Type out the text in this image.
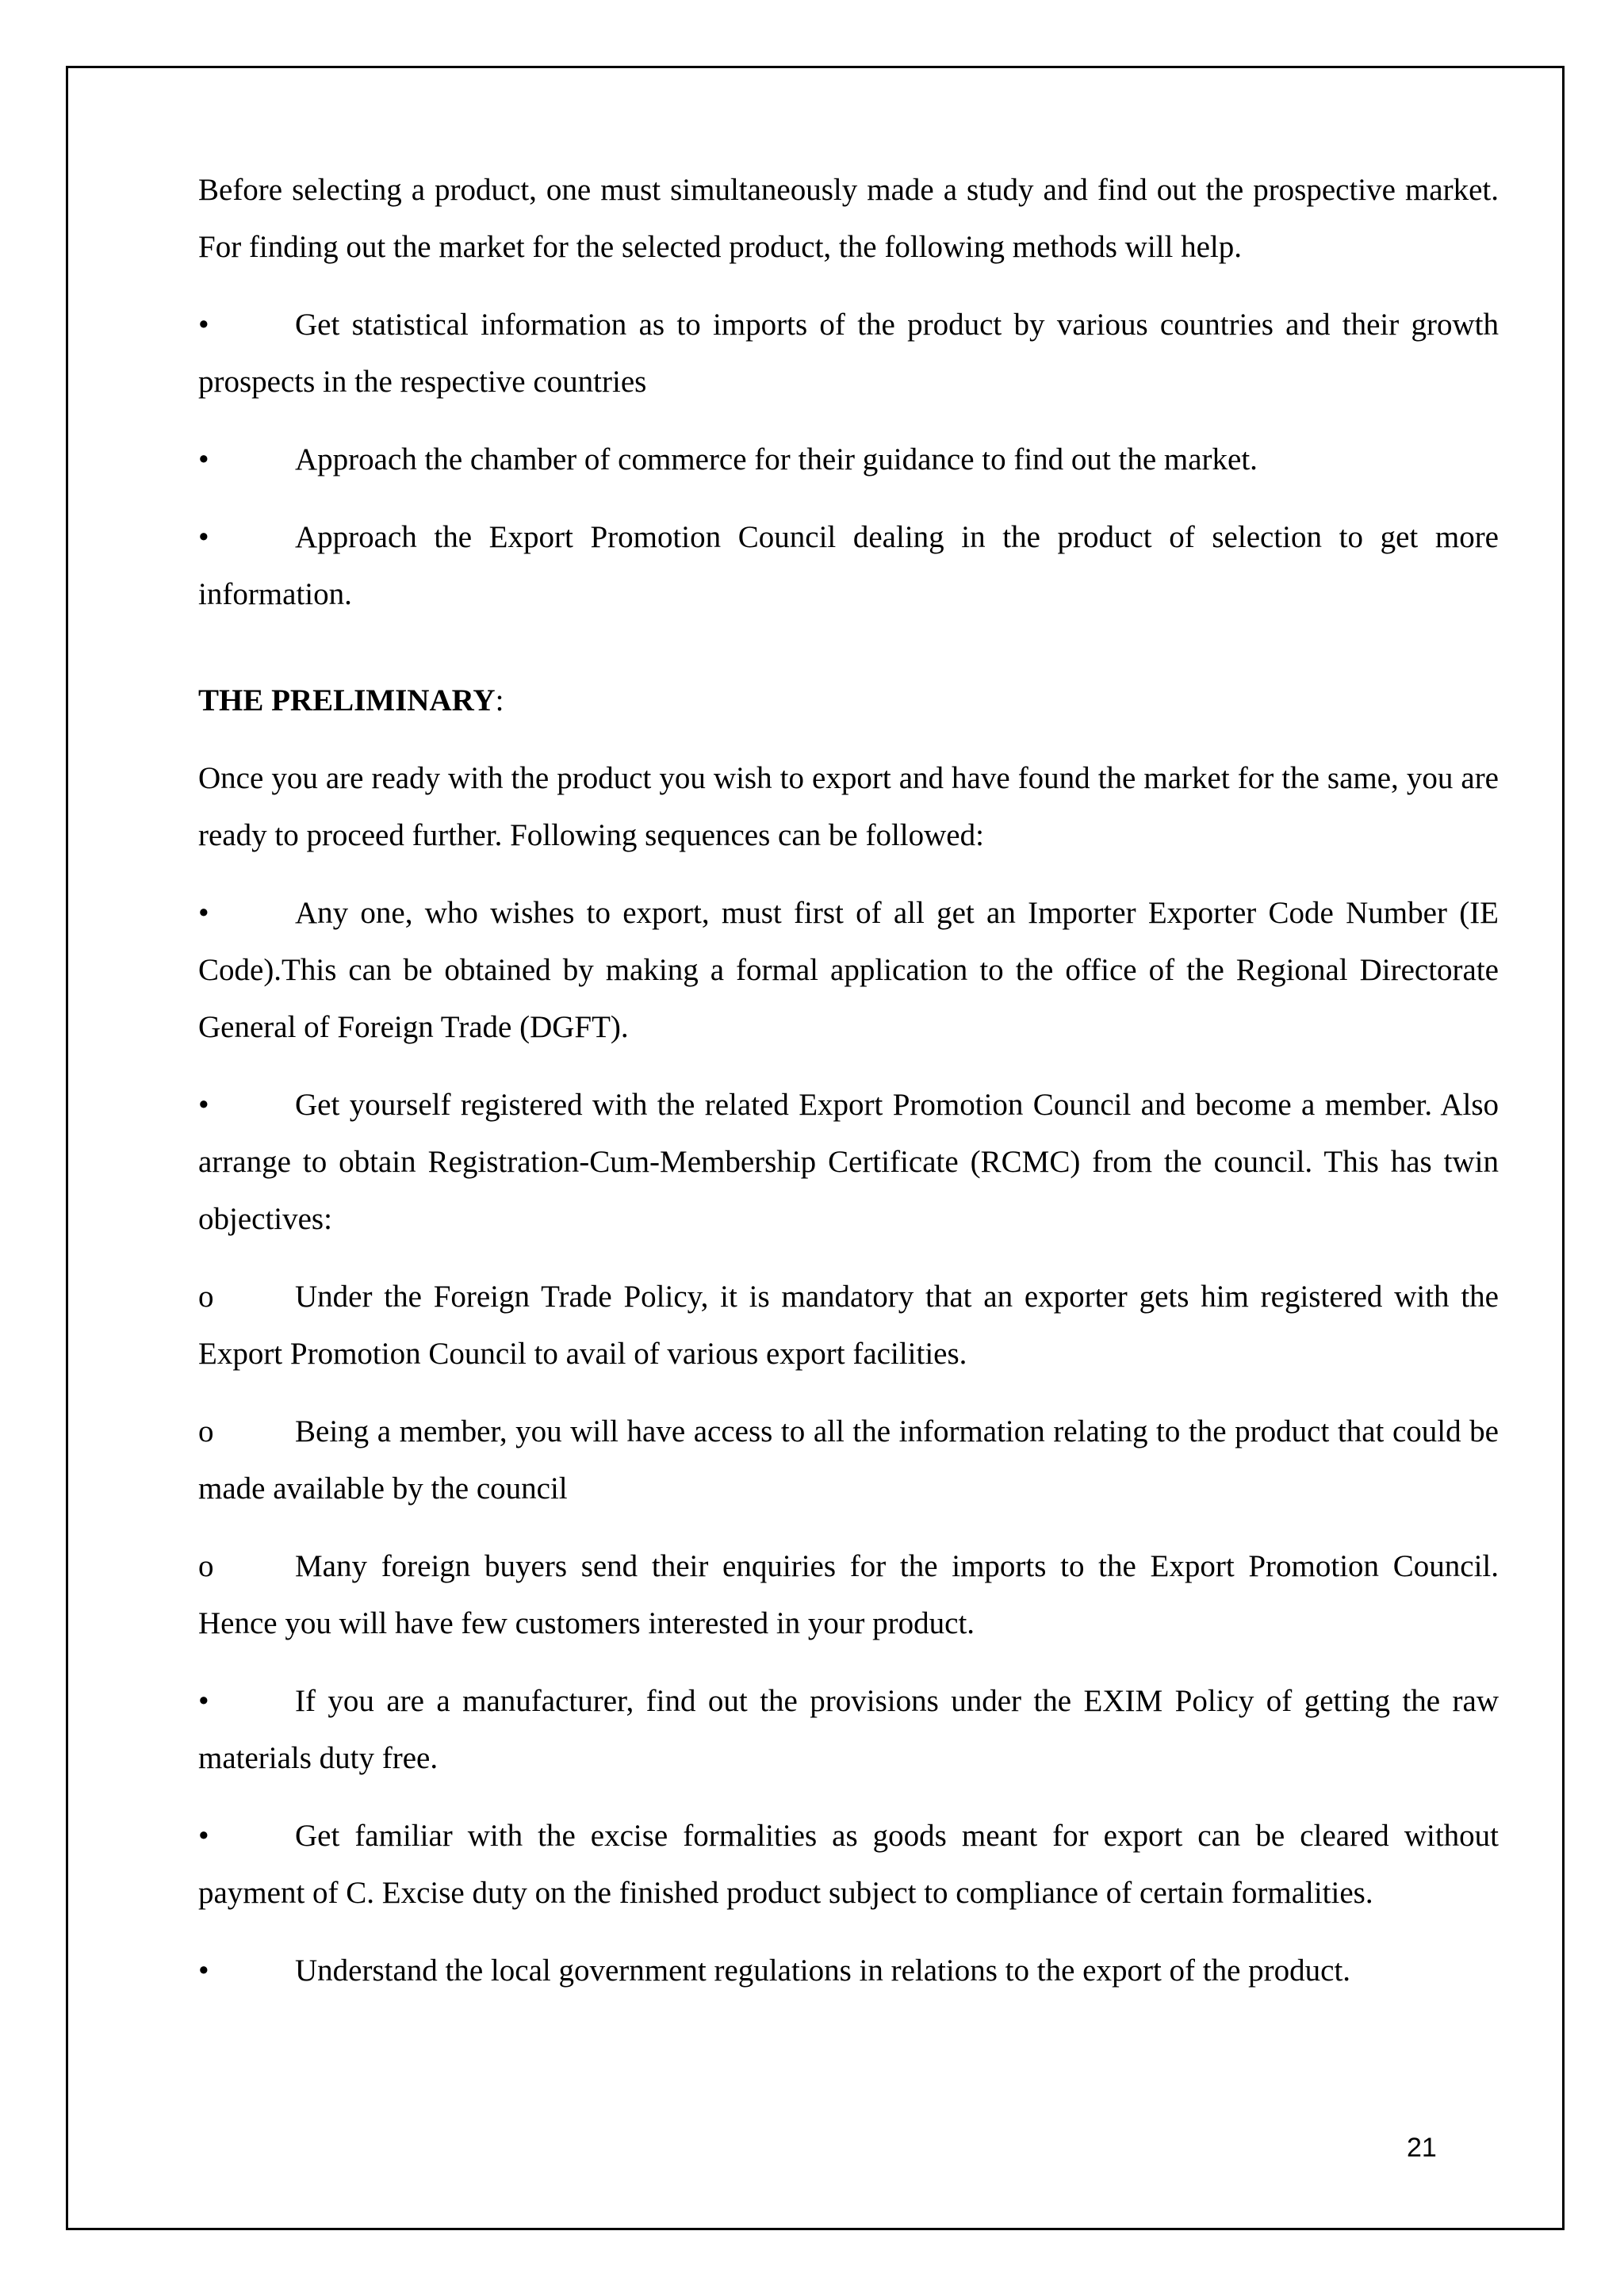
Before selecting a product, one must simultaneously made a study and find out the prospective market. For finding out the market for the selected product, the following methods will help.

•	Get statistical information as to imports of the product by various countries and their growth prospects in the respective countries

•	Approach the chamber of commerce for their guidance to find out the market.

•	Approach the Export Promotion Council dealing in the product of selection to get more information.

THE PRELIMINARY:

Once you are ready with the product you wish to export and have found the market for the same, you are ready to proceed further. Following sequences can be followed:

•	Any one, who wishes to export, must first of all get an Importer Exporter Code Number (IE Code).This can be obtained by making a formal application to the office of the Regional Directorate General of Foreign Trade (DGFT).

•	Get yourself registered with the related Export Promotion Council and become a member. Also arrange to obtain Registration-Cum-Membership Certificate (RCMC) from the council. This has twin objectives:

o	Under the Foreign Trade Policy, it is mandatory that an exporter gets him registered with the Export Promotion Council to avail of various export facilities.

o	Being a member, you will have access to all the information relating to the product that could be made available by the council

o	Many foreign buyers send their enquiries for the imports to the Export Promotion Council. Hence you will have few customers interested in your product.

•	If you are a manufacturer, find out the provisions under the EXIM Policy of getting the raw materials duty free.

•	Get familiar with the excise formalities as goods meant for export can be cleared without payment of C. Excise duty on the finished product subject to compliance of certain formalities.

•	Understand the local government regulations in relations to the export of the product.

21
